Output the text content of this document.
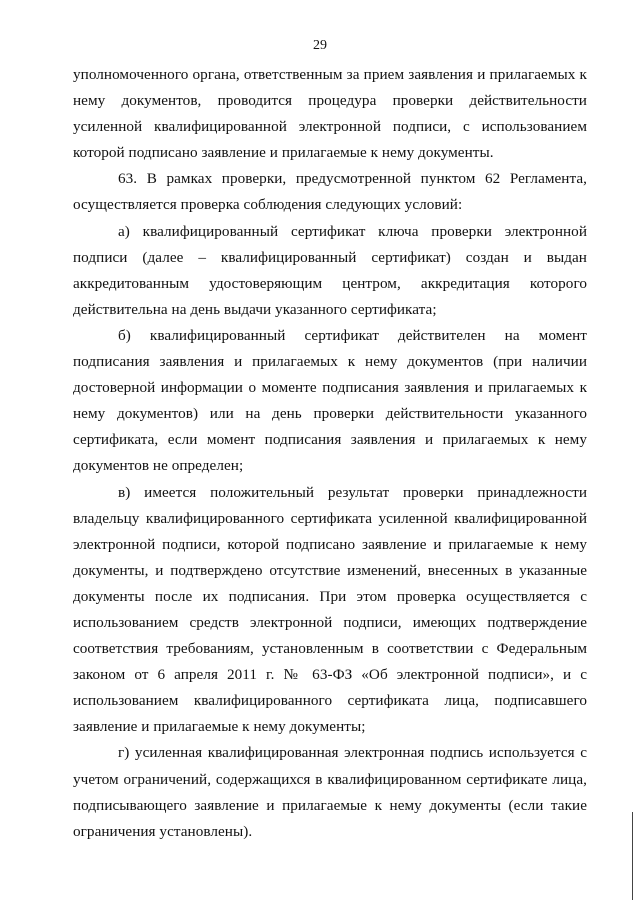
29

уполномоченного органа, ответственным за прием заявления и прилагаемых к нему документов, проводится процедура проверки действительности усиленной квалифицированной электронной подписи, с использованием которой подписано заявление и прилагаемые к нему документы.

63. В рамках проверки, предусмотренной пунктом 62 Регламента, осуществляется проверка соблюдения следующих условий:

а) квалифицированный сертификат ключа проверки электронной подписи (далее – квалифицированный сертификат) создан и выдан аккредитованным удостоверяющим центром, аккредитация которого действительна на день выдачи указанного сертификата;

б) квалифицированный сертификат действителен на момент подписания заявления и прилагаемых к нему документов (при наличии достоверной информации о моменте подписания заявления и прилагаемых к нему документов) или на день проверки действительности указанного сертификата, если момент подписания заявления и прилагаемых к нему документов не определен;

в) имеется положительный результат проверки принадлежности владельцу квалифицированного сертификата усиленной квалифицированной электронной подписи, которой подписано заявление и прилагаемые к нему документы, и подтверждено отсутствие изменений, внесенных в указанные документы после их подписания. При этом проверка осуществляется с использованием средств электронной подписи, имеющих подтверждение соответствия требованиям, установленным в соответствии с Федеральным законом от 6 апреля 2011 г. № 63-ФЗ «Об электронной подписи», и с использованием квалифицированного сертификата лица, подписавшего заявление и прилагаемые к нему документы;

г) усиленная квалифицированная электронная подпись используется с учетом ограничений, содержащихся в квалифицированном сертификате лица, подписывающего заявление и прилагаемые к нему документы (если такие ограничения установлены).
